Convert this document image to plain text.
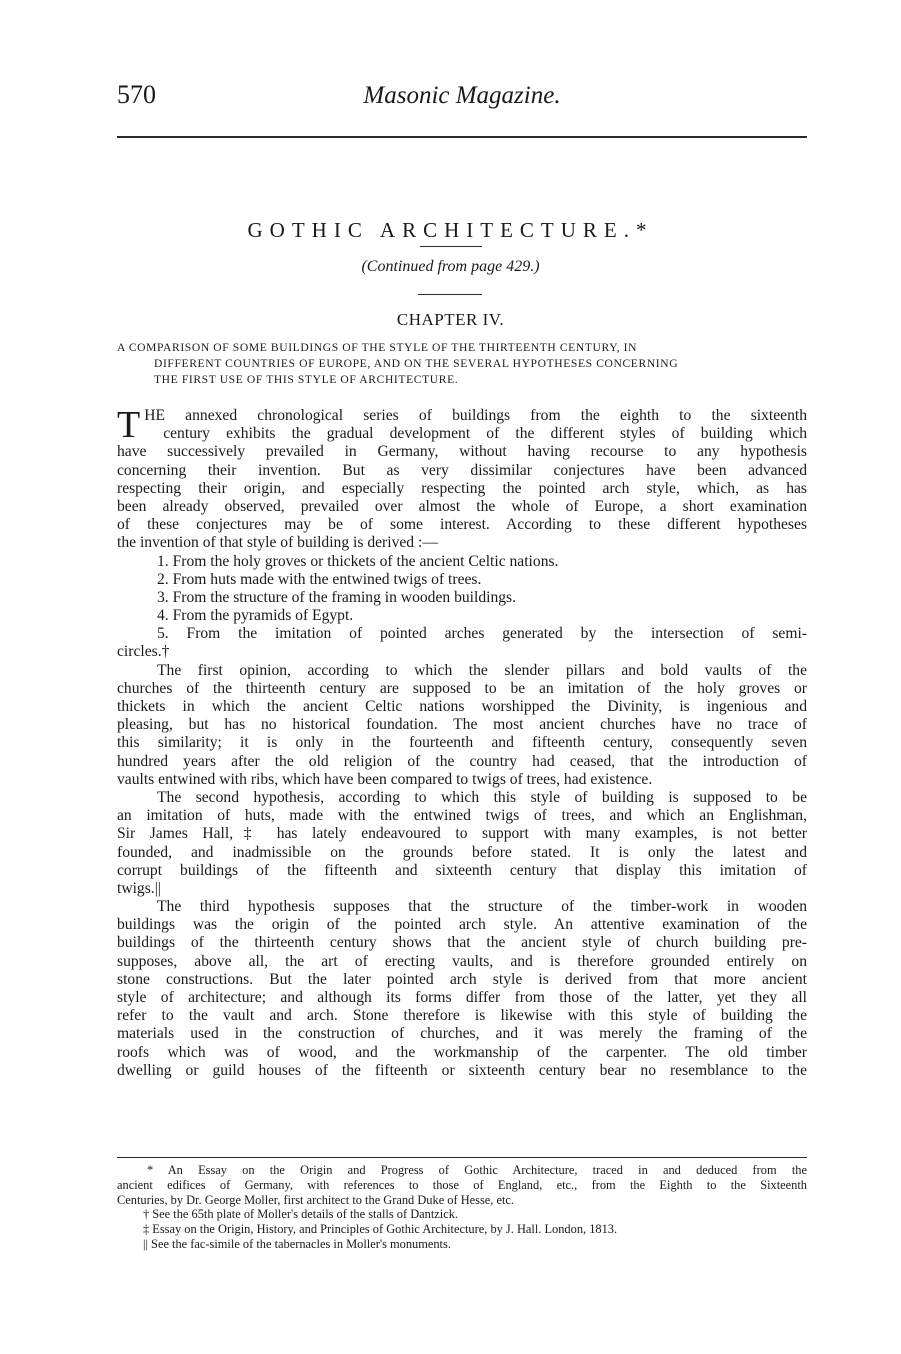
570	Masonic Magazine.
GOTHIC ARCHITECTURE.*
(Continued from page 429.)
CHAPTER IV.
A COMPARISON OF SOME BUILDINGS OF THE STYLE OF THE THIRTEENTH CENTURY, IN
DIFFERENT COUNTRIES OF EUROPE, AND ON THE SEVERAL HYPOTHESES CONCERNING
THE FIRST USE OF THIS STYLE OF ARCHITECTURE.
T HE annexed chronological series of buildings from the eighth to the sixteenth
century exhibits the gradual development of the different styles of building which
have successively prevailed in Germany, without having recourse to any hypothesis
concerning their invention. But as very dissimilar conjectures have been advanced
respecting their origin, and especially respecting the pointed arch style, which, as has
been already observed, prevailed over almost the whole of Europe, a short examination
of these conjectures may be of some interest. According to these different hypotheses
the invention of that style of building is derived :—
1. From the holy groves or thickets of the ancient Celtic nations.
2. From huts made with the entwined twigs of trees.
3. From the structure of the framing in wooden buildings.
4. From the pyramids of Egypt.
5. From the imitation of pointed arches generated by the intersection of semi-
circles.†
The first opinion, according to which the slender pillars and bold vaults of the
churches of the thirteenth century are supposed to be an imitation of the holy groves or
thickets in which the ancient Celtic nations worshipped the Divinity, is ingenious and
pleasing, but has no historical foundation. The most ancient churches have no trace of
this similarity; it is only in the fourteenth and fifteenth century, consequently seven
hundred years after the old religion of the country had ceased, that the introduction of
vaults entwined with ribs, which have been compared to twigs of trees, had existence.
The second hypothesis, according to which this style of building is supposed to be
an imitation of huts, made with the entwined twigs of trees, and which an Englishman,
Sir James Hall,‡ has lately endeavoured to support with many examples, is not better
founded, and inadmissible on the grounds before stated. It is only the latest and
corrupt buildings of the fifteenth and sixteenth century that display this imitation of
twigs.||
The third hypothesis supposes that the structure of the timber-work in wooden
buildings was the origin of the pointed arch style. An attentive examination of the
buildings of the thirteenth century shows that the ancient style of church building pre-
supposes, above all, the art of erecting vaults, and is therefore grounded entirely on
stone constructions. But the later pointed arch style is derived from that more ancient
style of architecture; and although its forms differ from those of the latter, yet they all
refer to the vault and arch. Stone therefore is likewise with this style of building the
materials used in the construction of churches, and it was merely the framing of the
roofs which was of wood, and the workmanship of the carpenter. The old timber
dwelling or guild houses of the fifteenth or sixteenth century bear no resemblance to the
* An Essay on the Origin and Progress of Gothic Architecture, traced in and deduced from the
ancient edifices of Germany, with references to those of England, etc., from the Eighth to the Sixteenth
Centuries, by Dr. George Moller, first architect to the Grand Duke of Hesse, etc.
† See the 65th plate of Moller's details of the stalls of Dantzick.
‡ Essay on the Origin, History, and Principles of Gothic Architecture, by J. Hall. London, 1813.
|| See the fac-simile of the tabernacles in Moller's monuments.
